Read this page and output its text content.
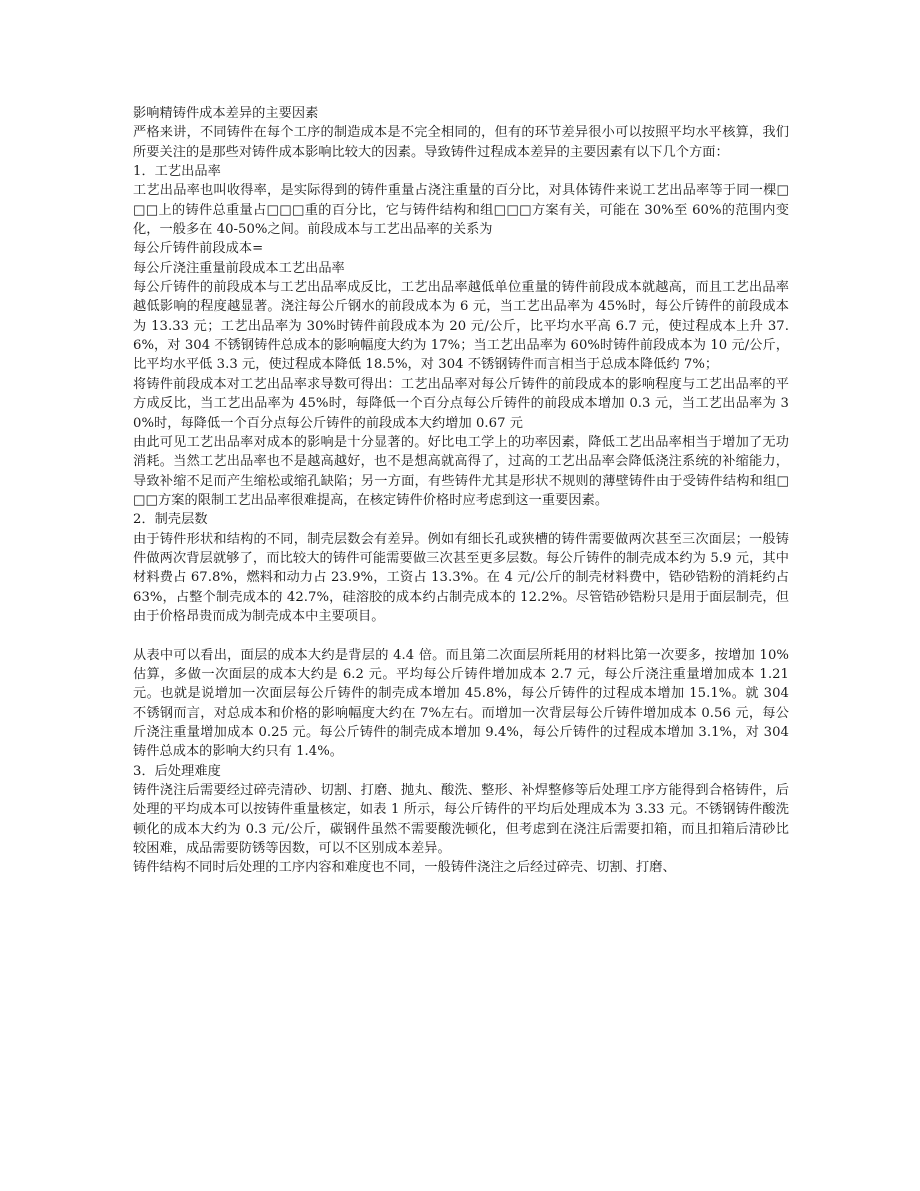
影响精铸件成本差异的主要因素

严格来讲，不同铸件在每个工序的制造成本是不完全相同的，但有的环节差异很小可以按照平均水平核算，我们所要关注的是那些对铸件成本影响比较大的因素。导致铸件过程成本差异的主要因素有以下几个方面：

1．工艺出品率

工艺出品率也叫收得率，是实际得到的铸件重量占浇注重量的百分比，对具体铸件来说工艺出品率等于同一棵□□□上的铸件总重量占□□□重的百分比，它与铸件结构和组□□□方案有关，可能在 30%至 60%的范围内变化，一般多在 40-50%之间。前段成本与工艺出品率的关系为

每公斤铸件前段成本=

每公斤浇注重量前段成本工艺出品率

每公斤铸件的前段成本与工艺出品率成反比，工艺出品率越低单位重量的铸件前段成本就越高，而且工艺出品率越低影响的程度越显著。浇注每公斤钢水的前段成本为 6 元，当工艺出品率为 45%时，每公斤铸件的前段成本为 13.33 元；工艺出品率为 30%时铸件前段成本为 20 元/公斤，比平均水平高 6.7 元，使过程成本上升 37.6%，对 304 不锈钢铸件总成本的影响幅度大约为 17%；当工艺出品率为 60%时铸件前段成本为 10 元/公斤，比平均水平低 3.3 元，使过程成本降低 18.5%，对 304 不锈钢铸件而言相当于总成本降低约 7%；

将铸件前段成本对工艺出品率求导数可得出：工艺出品率对每公斤铸件的前段成本的影响程度与工艺出品率的平方成反比，当工艺出品率为 45%时，每降低一个百分点每公斤铸件的前段成本增加 0.3 元，当工艺出品率为 30%时，每降低一个百分点每公斤铸件的前段成本大约增加 0.67 元

由此可见工艺出品率对成本的影响是十分显著的。好比电工学上的功率因素，降低工艺出品率相当于增加了无功消耗。当然工艺出品率也不是越高越好，也不是想高就高得了，过高的工艺出品率会降低浇注系统的补缩能力，导致补缩不足而产生缩松或缩孔缺陷；另一方面，有些铸件尤其是形状不规则的薄壁铸件由于受铸件结构和组□□□方案的限制工艺出品率很难提高，在核定铸件价格时应考虑到这一重要因素。

2．制壳层数

由于铸件形状和结构的不同，制壳层数会有差异。例如有细长孔或狭槽的铸件需要做两次甚至三次面层；一般铸件做两次背层就够了，而比较大的铸件可能需要做三次甚至更多层数。每公斤铸件的制壳成本约为 5.9 元，其中材料费占 67.8%，燃料和动力占 23.9%，工资占 13.3%。在 4 元/公斤的制壳材料费中，锆砂锆粉的消耗约占 63%，占整个制壳成本的 42.7%，硅溶胶的成本约占制壳成本的 12.2%。尽管锆砂锆粉只是用于面层制壳，但由于价格昂贵而成为制壳成本中主要项目。

从表中可以看出，面层的成本大约是背层的 4.4 倍。而且第二次面层所耗用的材料比第一次要多，按增加 10%估算，多做一次面层的成本大约是 6.2 元。平均每公斤铸件增加成本 2.7 元，每公斤浇注重量增加成本 1.21 元。也就是说增加一次面层每公斤铸件的制壳成本增加 45.8%，每公斤铸件的过程成本增加 15.1%。就 304 不锈钢而言，对总成本和价格的影响幅度大约在 7%左右。而增加一次背层每公斤铸件增加成本 0.56 元，每公斤浇注重量增加成本 0.25 元。每公斤铸件的制壳成本增加 9.4%，每公斤铸件的过程成本增加 3.1%，对 304 铸件总成本的影响大约只有 1.4%。

3．后处理难度

铸件浇注后需要经过碎壳清砂、切割、打磨、抛丸、酸洗、整形、补焊整修等后处理工序方能得到合格铸件，后处理的平均成本可以按铸件重量核定，如表 1 所示，每公斤铸件的平均后处理成本为 3.33 元。不锈钢铸件酸洗顿化的成本大约为 0.3 元/公斤，碳钢件虽然不需要酸洗顿化，但考虑到在浇注后需要扣箱，而且扣箱后清砂比较困难，成品需要防锈等因数，可以不区别成本差异。

铸件结构不同时后处理的工序内容和难度也不同，一般铸件浇注之后经过碎壳、切割、打磨、
